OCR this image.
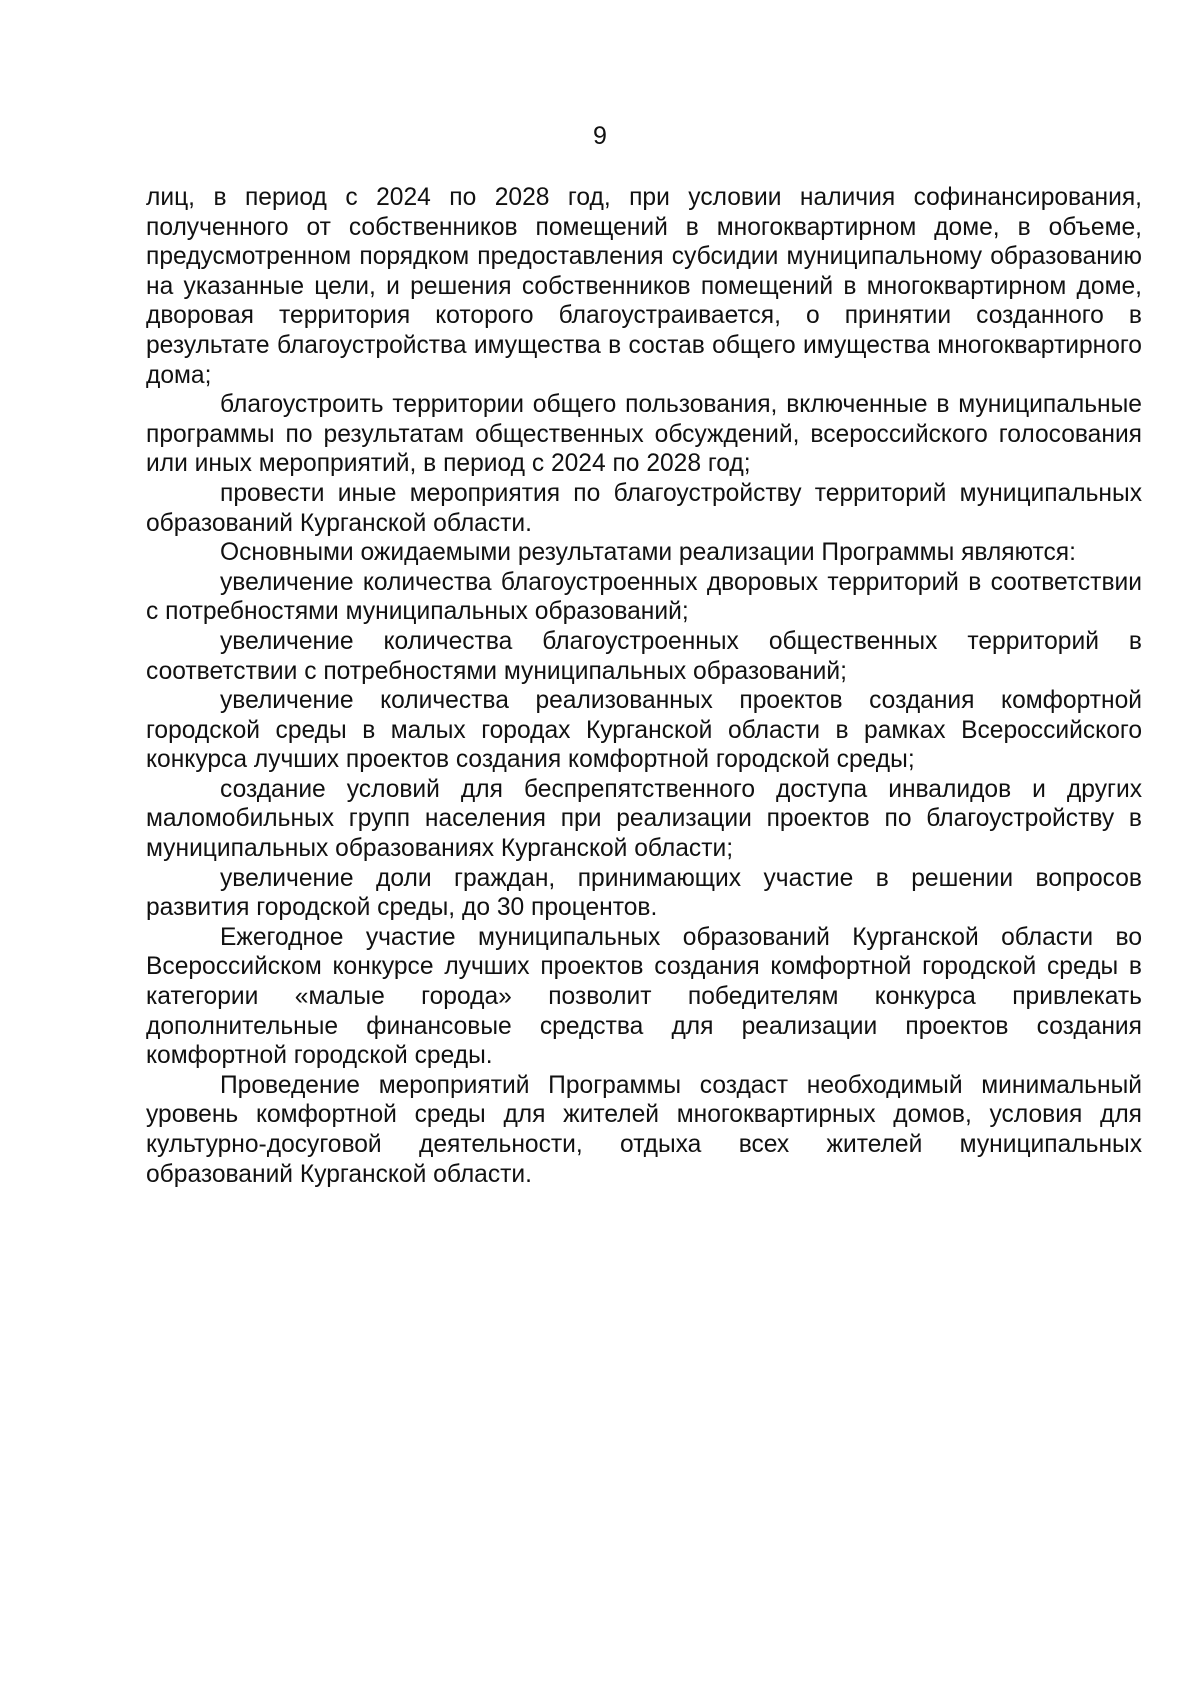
9

лиц, в период с 2024 по 2028 год, при условии наличия софинансирования, полученного от собственников помещений в многоквартирном доме, в объеме, предусмотренном порядком предоставления субсидии муниципальному образованию на указанные цели, и решения собственников помещений в многоквартирном доме, дворовая территория которого благоустраивается, о принятии созданного в результате благоустройства имущества в состав общего имущества многоквартирного дома;

благоустроить территории общего пользования, включенные в муниципальные программы по результатам общественных обсуждений, всероссийского голосования или иных мероприятий, в период с 2024 по 2028 год;

провести иные мероприятия по благоустройству территорий муниципальных образований Курганской области.

Основными ожидаемыми результатами реализации Программы являются:

увеличение количества благоустроенных дворовых территорий в соответствии с потребностями муниципальных образований;

увеличение количества благоустроенных общественных территорий в соответствии с потребностями муниципальных образований;

увеличение количества реализованных проектов создания комфортной городской среды в малых городах Курганской области в рамках Всероссийского конкурса лучших проектов создания комфортной городской среды;

создание условий для беспрепятственного доступа инвалидов и других маломобильных групп населения при реализации проектов по благоустройству в муниципальных образованиях Курганской области;

увеличение доли граждан, принимающих участие в решении вопросов развития городской среды, до 30 процентов.

Ежегодное участие муниципальных образований Курганской области во Всероссийском конкурсе лучших проектов создания комфортной городской среды в категории «малые города» позволит победителям конкурса привлекать дополнительные финансовые средства для реализации проектов создания комфортной городской среды.

Проведение мероприятий Программы создаст необходимый минимальный уровень комфортной среды для жителей многоквартирных домов, условия для культурно-досуговой деятельности, отдыха всех жителей муниципальных образований Курганской области.
